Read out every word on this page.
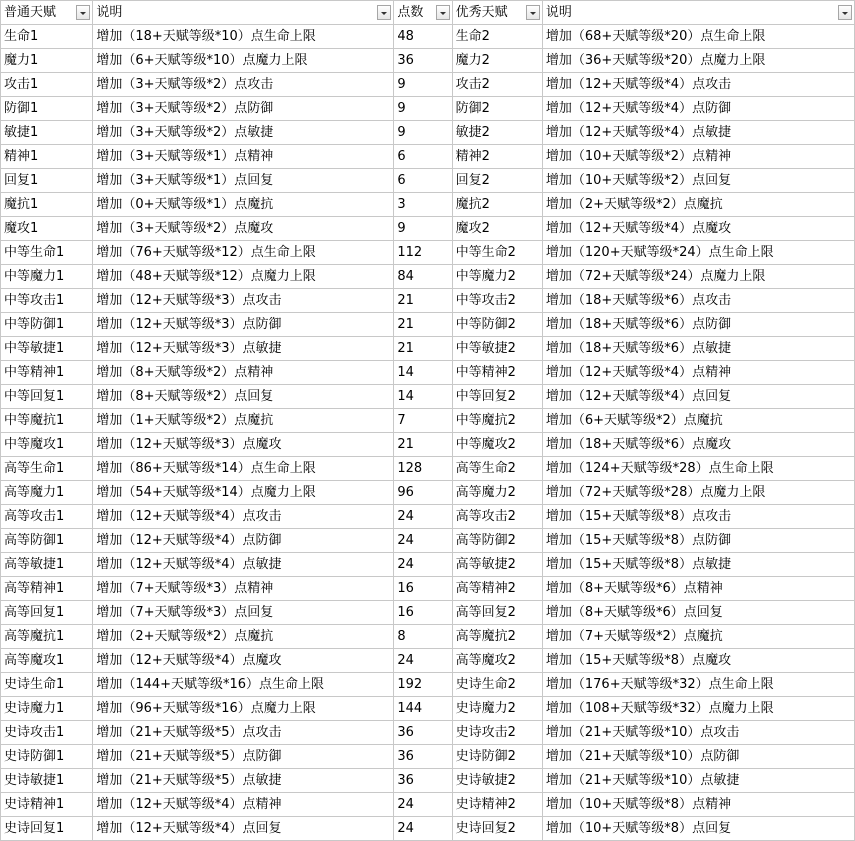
普通天赋	说明	点数	优秀天赋	说明

生命1	增加（18+天赋等级*10）点生命上限	48	生命2	增加（68+天赋等级*20）点生命上限
魔力1	增加（6+天赋等级*10）点魔力上限	36	魔力2	增加（36+天赋等级*20）点魔力上限
攻击1	增加（3+天赋等级*2）点攻击	9	攻击2	增加（12+天赋等级*4）点攻击
防御1	增加（3+天赋等级*2）点防御	9	防御2	增加（12+天赋等级*4）点防御
敏捷1	增加（3+天赋等级*2）点敏捷	9	敏捷2	增加（12+天赋等级*4）点敏捷
精神1	增加（3+天赋等级*1）点精神	6	精神2	增加（10+天赋等级*2）点精神
回复1	增加（3+天赋等级*1）点回复	6	回复2	增加（10+天赋等级*2）点回复
魔抗1	增加（0+天赋等级*1）点魔抗	3	魔抗2	增加（2+天赋等级*2）点魔抗
魔攻1	增加（3+天赋等级*2）点魔攻	9	魔攻2	增加（12+天赋等级*4）点魔攻
中等生命1	增加（76+天赋等级*12）点生命上限	112	中等生命2	增加（120+天赋等级*24）点生命上限
中等魔力1	增加（48+天赋等级*12）点魔力上限	84	中等魔力2	增加（72+天赋等级*24）点魔力上限
中等攻击1	增加（12+天赋等级*3）点攻击	21	中等攻击2	增加（18+天赋等级*6）点攻击
中等防御1	增加（12+天赋等级*3）点防御	21	中等防御2	增加（18+天赋等级*6）点防御
中等敏捷1	增加（12+天赋等级*3）点敏捷	21	中等敏捷2	增加（18+天赋等级*6）点敏捷
中等精神1	增加（8+天赋等级*2）点精神	14	中等精神2	增加（12+天赋等级*4）点精神
中等回复1	增加（8+天赋等级*2）点回复	14	中等回复2	增加（12+天赋等级*4）点回复
中等魔抗1	增加（1+天赋等级*2）点魔抗	7	中等魔抗2	增加（6+天赋等级*2）点魔抗
中等魔攻1	增加（12+天赋等级*3）点魔攻	21	中等魔攻2	增加（18+天赋等级*6）点魔攻
高等生命1	增加（86+天赋等级*14）点生命上限	128	高等生命2	增加（124+天赋等级*28）点生命上限
高等魔力1	增加（54+天赋等级*14）点魔力上限	96	高等魔力2	增加（72+天赋等级*28）点魔力上限
高等攻击1	增加（12+天赋等级*4）点攻击	24	高等攻击2	增加（15+天赋等级*8）点攻击
高等防御1	增加（12+天赋等级*4）点防御	24	高等防御2	增加（15+天赋等级*8）点防御
高等敏捷1	增加（12+天赋等级*4）点敏捷	24	高等敏捷2	增加（15+天赋等级*8）点敏捷
高等精神1	增加（7+天赋等级*3）点精神	16	高等精神2	增加（8+天赋等级*6）点精神
高等回复1	增加（7+天赋等级*3）点回复	16	高等回复2	增加（8+天赋等级*6）点回复
高等魔抗1	增加（2+天赋等级*2）点魔抗	8	高等魔抗2	增加（7+天赋等级*2）点魔抗
高等魔攻1	增加（12+天赋等级*4）点魔攻	24	高等魔攻2	增加（15+天赋等级*8）点魔攻
史诗生命1	增加（144+天赋等级*16）点生命上限	192	史诗生命2	增加（176+天赋等级*32）点生命上限
史诗魔力1	增加（96+天赋等级*16）点魔力上限	144	史诗魔力2	增加（108+天赋等级*32）点魔力上限
史诗攻击1	增加（21+天赋等级*5）点攻击	36	史诗攻击2	增加（21+天赋等级*10）点攻击
史诗防御1	增加（21+天赋等级*5）点防御	36	史诗防御2	增加（21+天赋等级*10）点防御
史诗敏捷1	增加（21+天赋等级*5）点敏捷	36	史诗敏捷2	增加（21+天赋等级*10）点敏捷
史诗精神1	增加（12+天赋等级*4）点精神	24	史诗精神2	增加（10+天赋等级*8）点精神
史诗回复1	增加（12+天赋等级*4）点回复	24	史诗回复2	增加（10+天赋等级*8）点回复
